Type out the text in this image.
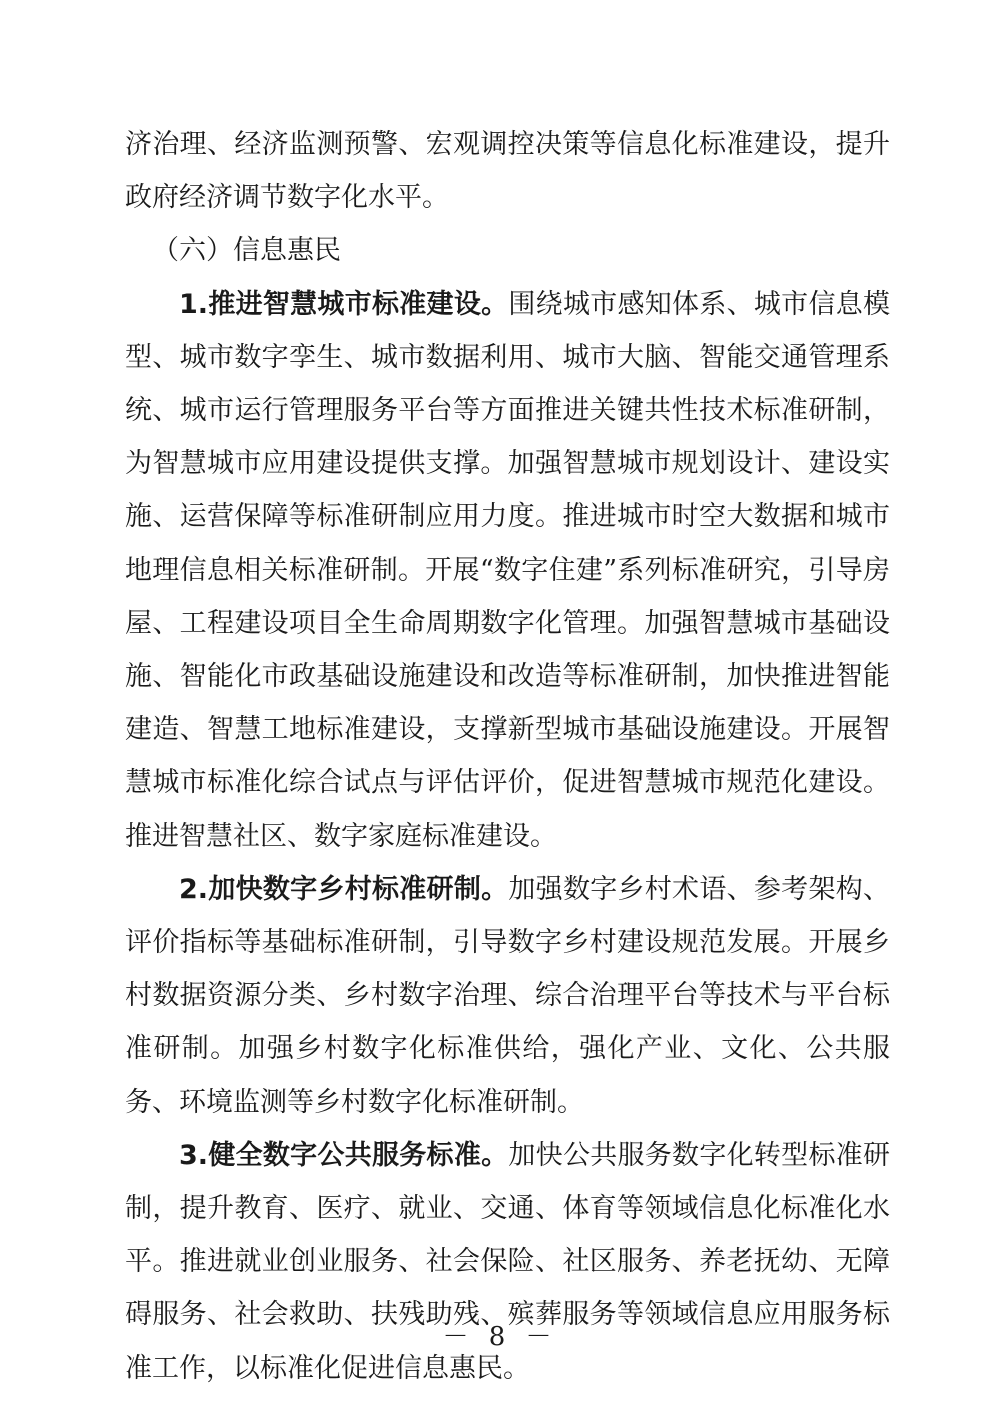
济治理、经济监测预警、宏观调控决策等信息化标准建设，提升政府经济调节数字化水平。

（六）信息惠民

1.推进智慧城市标准建设。围绕城市感知体系、城市信息模型、城市数字孪生、城市数据利用、城市大脑、智能交通管理系统、城市运行管理服务平台等方面推进关键共性技术标准研制，为智慧城市应用建设提供支撑。加强智慧城市规划设计、建设实施、运营保障等标准研制应用力度。推进城市时空大数据和城市地理信息相关标准研制。开展“数字住建”系列标准研究，引导房屋、工程建设项目全生命周期数字化管理。加强智慧城市基础设施、智能化市政基础设施建设和改造等标准研制，加快推进智能建造、智慧工地标准建设，支撑新型城市基础设施建设。开展智慧城市标准化综合试点与评估评价，促进智慧城市规范化建设。推进智慧社区、数字家庭标准建设。

2.加快数字乡村标准研制。加强数字乡村术语、参考架构、评价指标等基础标准研制，引导数字乡村建设规范发展。开展乡村数据资源分类、乡村数字治理、综合治理平台等技术与平台标准研制。加强乡村数字化标准供给，强化产业、文化、公共服务、环境监测等乡村数字化标准研制。

3.健全数字公共服务标准。加快公共服务数字化转型标准研制，提升教育、医疗、就业、交通、体育等领域信息化标准化水平。推进就业创业服务、社会保险、社区服务、养老抚幼、无障碍服务、社会救助、扶残助残、殡葬服务等领域信息应用服务标准工作，以标准化促进信息惠民。

－ 8 －
